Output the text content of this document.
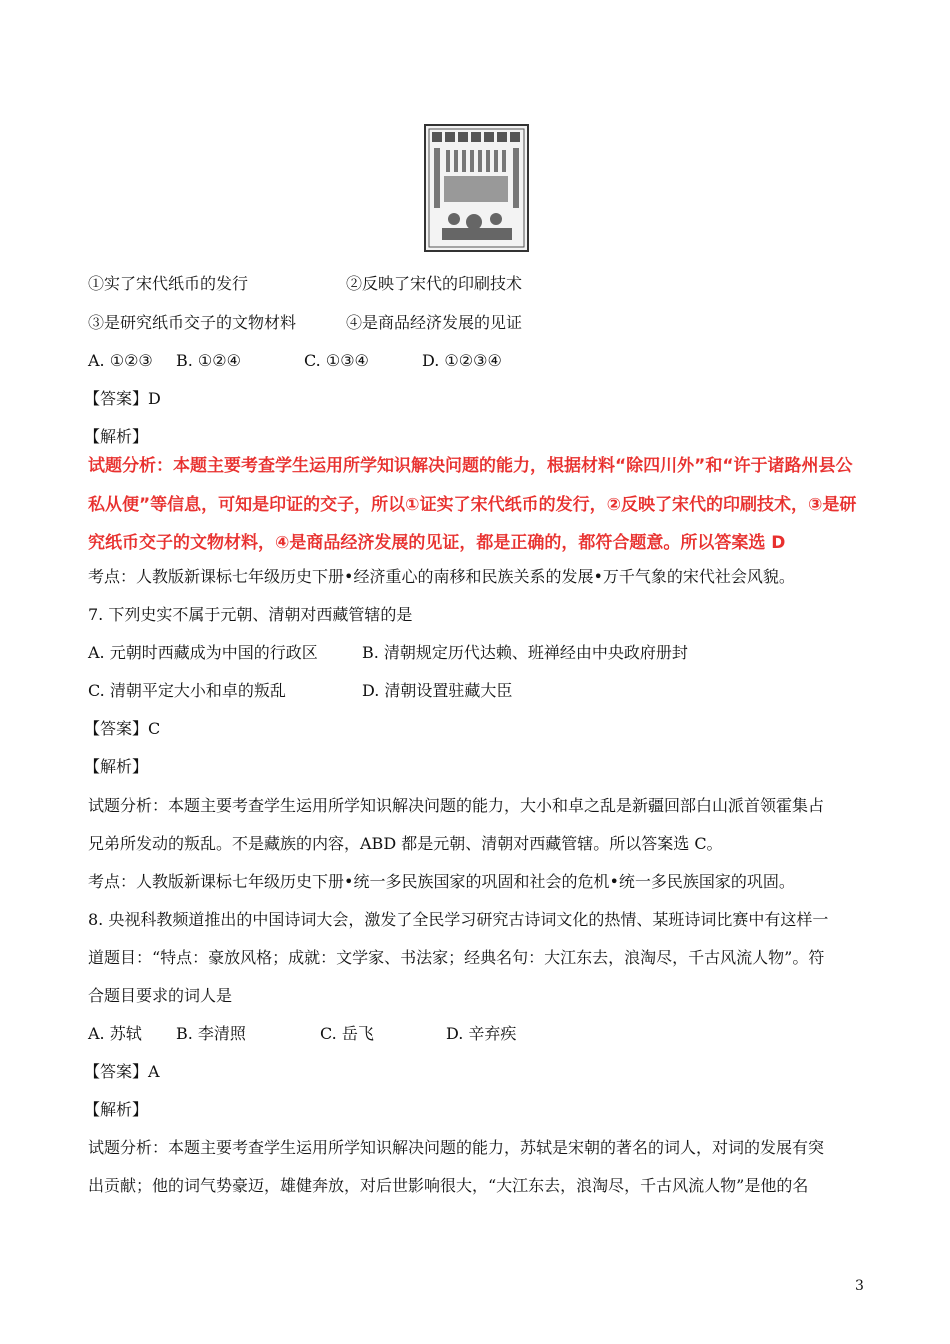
①实了宋代纸币的发行	②反映了宋代的印刷技术
③是研究纸币交子的文物材料	④是商品经济发展的见证
A. ①②③ B. ①②④	C. ①③④	D. ①②③④
【答案】D
【解析】
试题分析：本题主要考查学生运用所学知识解决问题的能力，根据材料“除四川外”和“许于诸路州县公
私从便”等信息，可知是印证的交子，所以①证实了宋代纸币的发行，②反映了宋代的印刷技术，③是研
究纸币交子的文物材料，④是商品经济发展的见证，都是正确的，都符合题意。所以答案选 D
考点：人教版新课标七年级历史下册•经济重心的南移和民族关系的发展•万千气象的宋代社会风貌。
7. 下列史实不属于元朝、清朝对西藏管辖的是
A. 元朝时西藏成为中国的行政区	B. 清朝规定历代达赖、班禅经由中央政府册封
C. 清朝平定大小和卓的叛乱	D. 清朝设置驻藏大臣
【答案】C
【解析】
试题分析：本题主要考查学生运用所学知识解决问题的能力，大小和卓之乱是新疆回部白山派首领霍集占
兄弟所发动的叛乱。不是藏族的内容，ABD 都是元朝、清朝对西藏管辖。所以答案选 C。
考点：人教版新课标七年级历史下册•统一多民族国家的巩固和社会的危机•统一多民族国家的巩固。
8. 央视科教频道推出的中国诗词大会，激发了全民学习研究古诗词文化的热情、某班诗词比赛中有这样一
道题目：“特点：豪放风格；成就：文学家、书法家；经典名句：大江东去，浪淘尽，千古风流人物”。符
合题目要求的词人是
A. 苏轼 B. 李清照	C. 岳飞	D. 辛弃疾
【答案】A
【解析】
试题分析：本题主要考查学生运用所学知识解决问题的能力，苏轼是宋朝的著名的词人，对词的发展有突
出贡献；他的词气势豪迈，雄健奔放，对后世影响很大，“大江东去，浪淘尽，千古风流人物”是他的名
3
